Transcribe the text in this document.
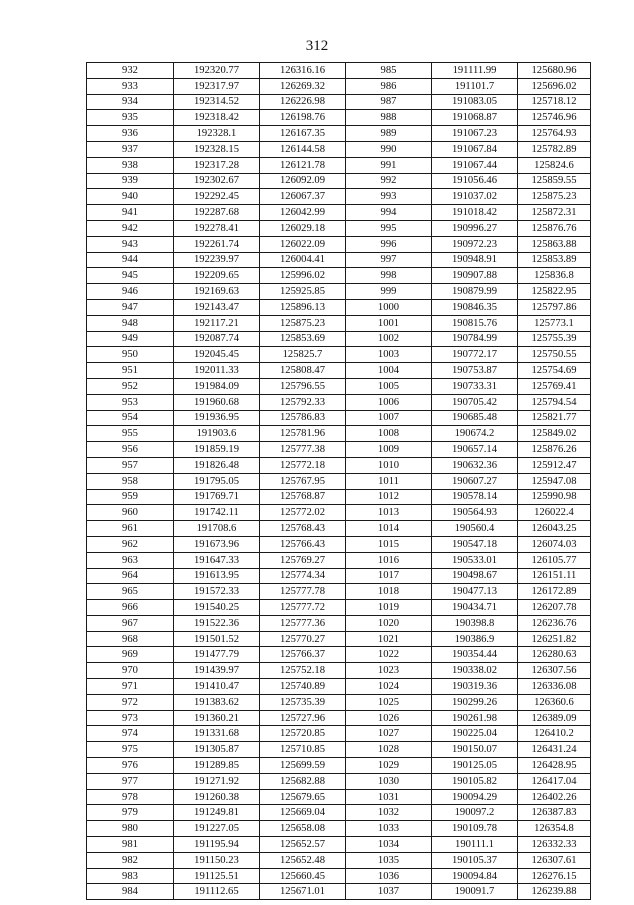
312
932	192320.77	126316.16	985	191111.99	125680.96
933	192317.97	126269.32	986	191101.7	125696.02
934	192314.52	126226.98	987	191083.05	125718.12
935	192318.42	126198.76	988	191068.87	125746.96
936	192328.1	126167.35	989	191067.23	125764.93
937	192328.15	126144.58	990	191067.84	125782.89
938	192317.28	126121.78	991	191067.44	125824.6
939	192302.67	126092.09	992	191056.46	125859.55
940	192292.45	126067.37	993	191037.02	125875.23
941	192287.68	126042.99	994	191018.42	125872.31
942	192278.41	126029.18	995	190996.27	125876.76
943	192261.74	126022.09	996	190972.23	125863.88
944	192239.97	126004.41	997	190948.91	125853.89
945	192209.65	125996.02	998	190907.88	125836.8
946	192169.63	125925.85	999	190879.99	125822.95
947	192143.47	125896.13	1000	190846.35	125797.86
948	192117.21	125875.23	1001	190815.76	125773.1
949	192087.74	125853.69	1002	190784.99	125755.39
950	192045.45	125825.7	1003	190772.17	125750.55
951	192011.33	125808.47	1004	190753.87	125754.69
952	191984.09	125796.55	1005	190733.31	125769.41
953	191960.68	125792.33	1006	190705.42	125794.54
954	191936.95	125786.83	1007	190685.48	125821.77
955	191903.6	125781.96	1008	190674.2	125849.02
956	191859.19	125777.38	1009	190657.14	125876.26
957	191826.48	125772.18	1010	190632.36	125912.47
958	191795.05	125767.95	1011	190607.27	125947.08
959	191769.71	125768.87	1012	190578.14	125990.98
960	191742.11	125772.02	1013	190564.93	126022.4
961	191708.6	125768.43	1014	190560.4	126043.25
962	191673.96	125766.43	1015	190547.18	126074.03
963	191647.33	125769.27	1016	190533.01	126105.77
964	191613.95	125774.34	1017	190498.67	126151.11
965	191572.33	125777.78	1018	190477.13	126172.89
966	191540.25	125777.72	1019	190434.71	126207.78
967	191522.36	125777.36	1020	190398.8	126236.76
968	191501.52	125770.27	1021	190386.9	126251.82
969	191477.79	125766.37	1022	190354.44	126280.63
970	191439.97	125752.18	1023	190338.02	126307.56
971	191410.47	125740.89	1024	190319.36	126336.08
972	191383.62	125735.39	1025	190299.26	126360.6
973	191360.21	125727.96	1026	190261.98	126389.09
974	191331.68	125720.85	1027	190225.04	126410.2
975	191305.87	125710.85	1028	190150.07	126431.24
976	191289.85	125699.59	1029	190125.05	126428.95
977	191271.92	125682.88	1030	190105.82	126417.04
978	191260.38	125679.65	1031	190094.29	126402.26
979	191249.81	125669.04	1032	190097.2	126387.83
980	191227.05	125658.08	1033	190109.78	126354.8
981	191195.94	125652.57	1034	190111.1	126332.33
982	191150.23	125652.48	1035	190105.37	126307.61
983	191125.51	125660.45	1036	190094.84	126276.15
984	191112.65	125671.01	1037	190091.7	126239.88
